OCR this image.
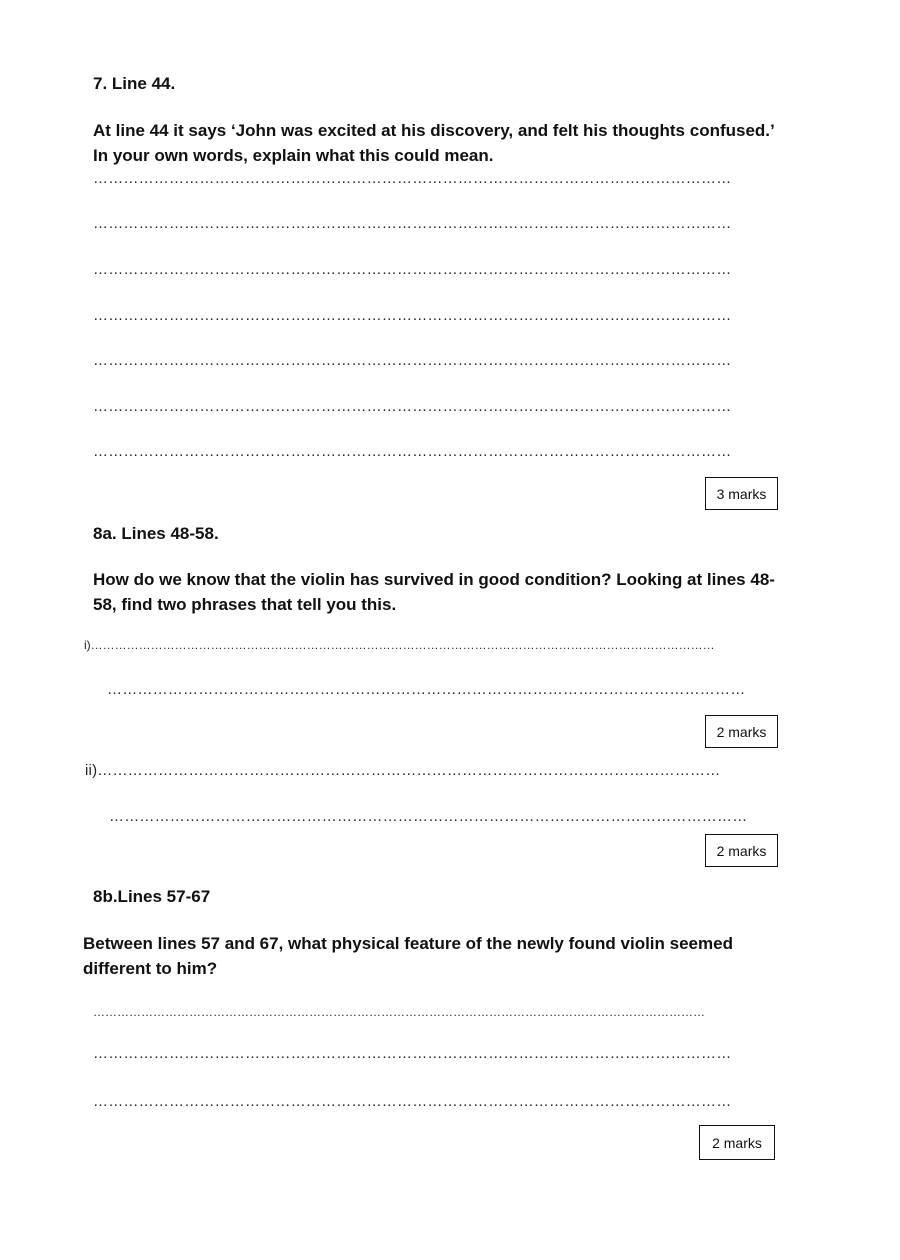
7. Line 44.
At line 44 it says ‘John was excited at his discovery, and felt his thoughts confused.’
In your own words, explain what this could mean.
………………………………………………………………………………………………………………
………………………………………………………………………………………………………………
………………………………………………………………………………………………………………
………………………………………………………………………………………………………………
………………………………………………………………………………………………………………
………………………………………………………………………………………………………………
………………………………………………………………………………………………………………
3 marks
8a. Lines 48-58.
How do we know that the violin has survived in good condition? Looking at lines 48-
58, find two phrases that tell you this.
i)…………………………………………………………………………………………………………………………………………
………………………………………………………………………………………………………………
2 marks
ii)……………………………………………………………………………………………………………
………………………………………………………………………………………………………………
2 marks
8b.Lines 57-67
Between lines 57 and 67, what physical feature of the newly found violin seemed
different to him?
………………………………………………………………………………………………………………………………………
………………………………………………………………………………………………………………
………………………………………………………………………………………………………………
2 marks
